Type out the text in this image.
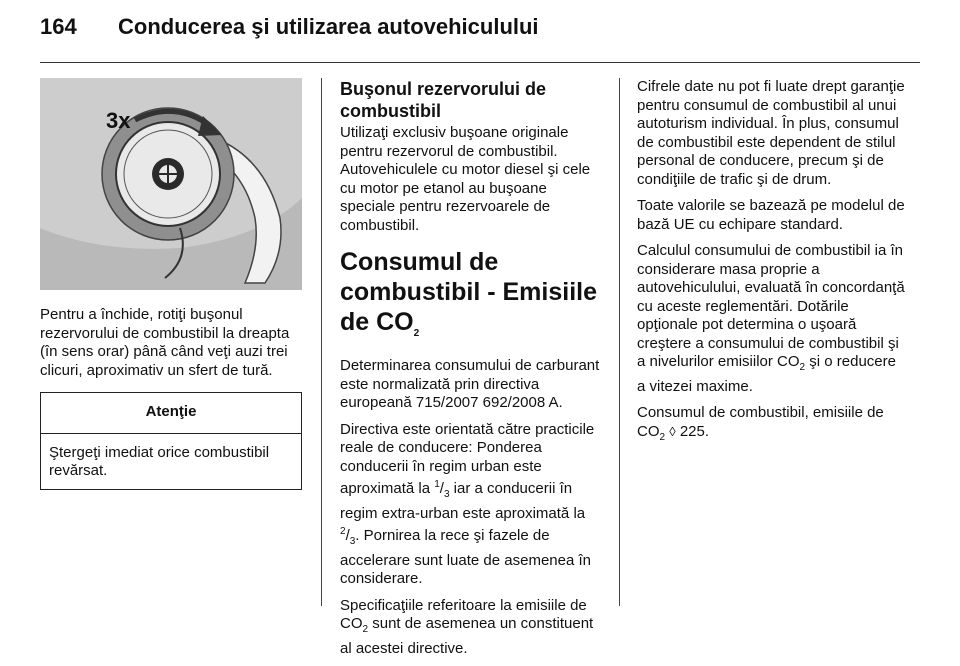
164 Conducerea şi utilizarea autovehiculului
3x

Pentru a închide, rotiţi buşonul rezervorului de combustibil la dreapta (în sens orar) până când veţi auzi trei clicuri, aproximativ un sfert de tură.

Atenţie
Ştergeţi imediat orice combustibil revărsat.
Buşonul rezervorului de combustibil

Utilizaţi exclusiv buşoane originale pentru rezervorul de combustibil. Autovehiculele cu motor diesel şi cele cu motor pe etanol au buşoane speciale pentru rezervoarele de combustibil.

Consumul de combustibil - Emisiile de $CO_2$

Determinarea consumului de carburant este normalizată prin directiva europeană 715/2007 692/2008 A.

Directiva este orientată către practicile reale de conducere: Ponderea conducerii în regim urban este aproximată la $^1/_3$ iar a conducerii în regim extra-urban este aproximată la $^2/_3$. Pornirea la rece şi fazele de accelerare sunt luate de asemenea în considerare.

Specificaţiile referitoare la emisiile de $CO_2$ sunt de asemenea un constituent al acestei directive.

Cifrele date nu pot fi luate drept garanţie pentru consumul de combustibil al unui autoturism individual. În plus, consumul de combustibil este dependent de stilul personal de conducere, precum şi de condiţiile de trafic şi de drum.

Toate valorile se bazează pe modelul de bază UE cu echipare standard.

Calculul consumului de combustibil ia în considerare masa proprie a autovehiculului, evaluată în concordanţă cu aceste reglementări. Dotările opţionale pot determina o uşoară creştere a consumului de combustibil şi a nivelurilor emisiilor $CO_2$ şi o reducere a vitezei maxime.

Consumul de combustibil, emisiile de $CO_2$ ◊ 225.
